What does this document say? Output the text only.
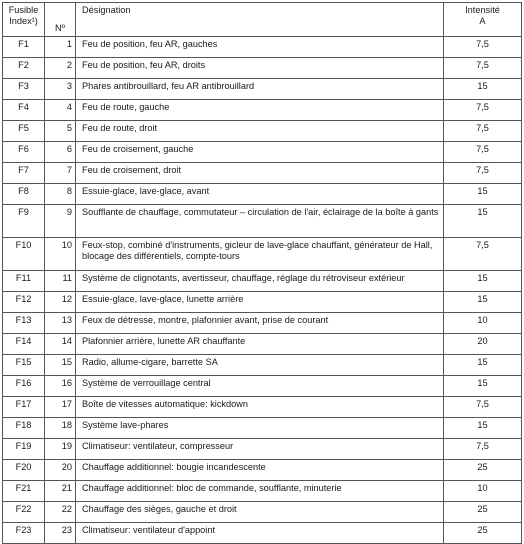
Fusible Index¹)	Nº	Désignation	Intensité
A

F1	1	Feu de position, feu AR, gauches	7,5
F2	2	Feu de position, feu AR, droits	7,5
F3	3	Phares antibrouillard, feu AR antibrouillard	15
F4	4	Feu de route, gauche	7,5
F5	5	Feu de route, droit	7,5
F6	6	Feu de croisement, gauche	7,5
F7	7	Feu de croisement, droit	7,5
F8	8	Essuie-glace, lave-glace, avant	15
F9	9	Soufflante de chauffage, commutateur – circulation de l'air, éclairage de la boîte à gants	15
F10	10	Feux-stop, combiné d'instruments, gicleur de lave-glace chauffant, générateur de Hall, blocage des différentiels, compte-tours	7,5
F11	11	Système de clignotants, avertisseur, chauffage, réglage du rétroviseur extérieur	15
F12	12	Essuie-glace, lave-glace, lunette arrière	15
F13	13	Feux de détresse, montre, plafonnier avant, prise de courant	10
F14	14	Plafonnier arrière, lunette AR chauffante	20
F15	15	Radio, allume-cigare, barrette SA	15
F16	16	Système de verrouillage central	15
F17	17	Boîte de vitesses automatique: kickdown	7,5
F18	18	Système lave-phares	15
F19	19	Climatiseur: ventilateur, compresseur	7,5
F20	20	Chauffage additionnel: bougie incandescente	25
F21	21	Chauffage additionnel: bloc de commande, soufflante, minuterie	10
F22	22	Chauffage des sièges, gauche et droit	25
F23	23	Climatiseur: ventilateur d'appoint	25
